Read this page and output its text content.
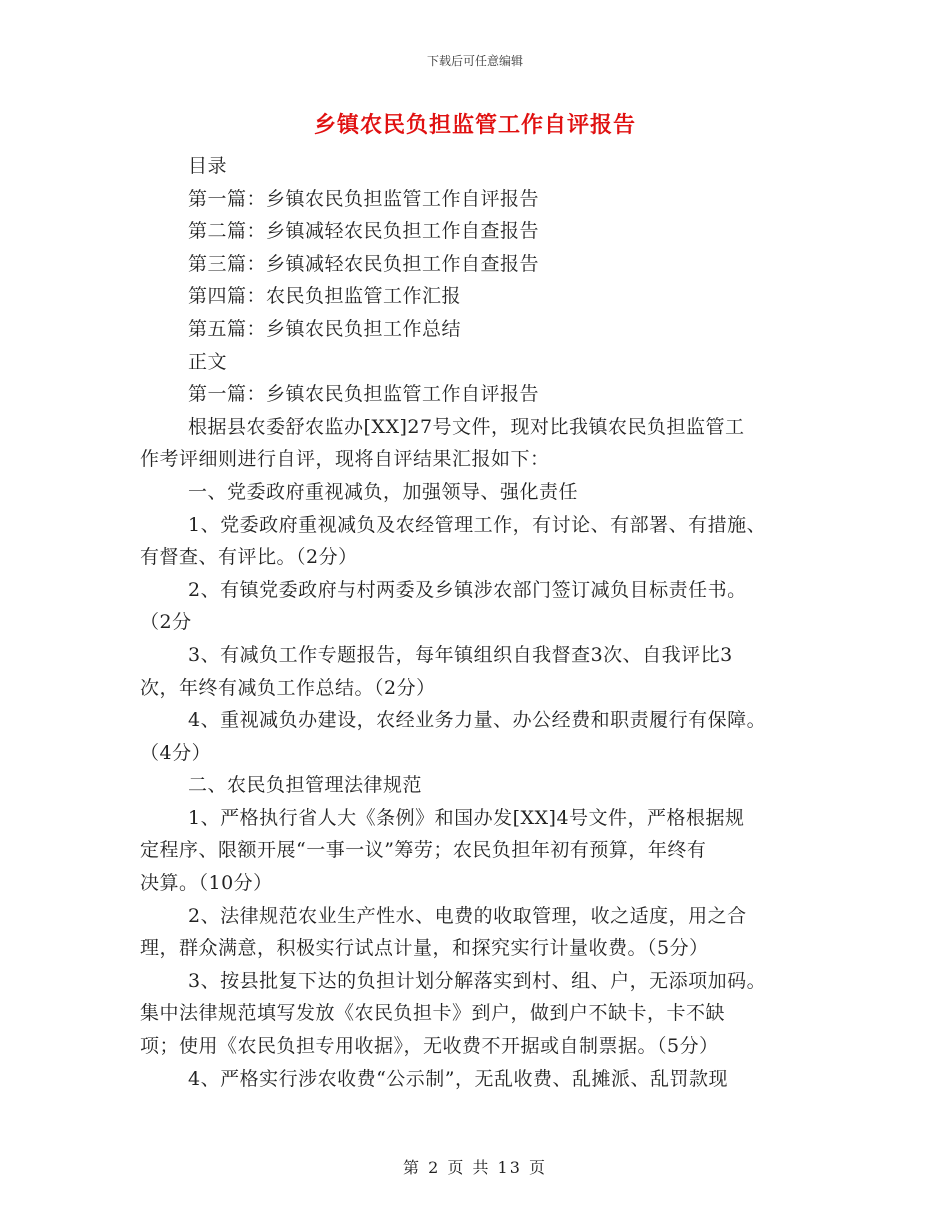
下载后可任意编辑
乡镇农民负担监管工作自评报告
目录
第一篇：乡镇农民负担监管工作自评报告
第二篇：乡镇减轻农民负担工作自查报告
第三篇：乡镇减轻农民负担工作自查报告
第四篇：农民负担监管工作汇报
第五篇：乡镇农民负担工作总结
正文
第一篇：乡镇农民负担监管工作自评报告
根据县农委舒农监办[XX]27号文件，现对比我镇农民负担监管工
作考评细则进行自评，现将自评结果汇报如下：
一、党委政府重视减负，加强领导、强化责任
1、党委政府重视减负及农经管理工作，有讨论、有部署、有措施、
有督查、有评比。（2分）
2、有镇党委政府与村两委及乡镇涉农部门签订减负目标责任书。
（2分
3、有减负工作专题报告，每年镇组织自我督查3次、自我评比3
次，年终有减负工作总结。（2分）
4、重视减负办建设，农经业务力量、办公经费和职责履行有保障。
（4分）
二、农民负担管理法律规范
1、严格执行省人大《条例》和国办发[XX]4号文件，严格根据规
定程序、限额开展“一事一议”筹劳；农民负担年初有预算，年终有
决算。（10分）
2、法律规范农业生产性水、电费的收取管理，收之适度，用之合
理，群众满意，积极实行试点计量，和探究实行计量收费。（5分）
3、按县批复下达的负担计划分解落实到村、组、户，无添项加码。
集中法律规范填写发放《农民负担卡》到户，做到户不缺卡，卡不缺
项；使用《农民负担专用收据》，无收费不开据或自制票据。（5分）
4、严格实行涉农收费“公示制”，无乱收费、乱摊派、乱罚款现
第 2 页 共 13 页
